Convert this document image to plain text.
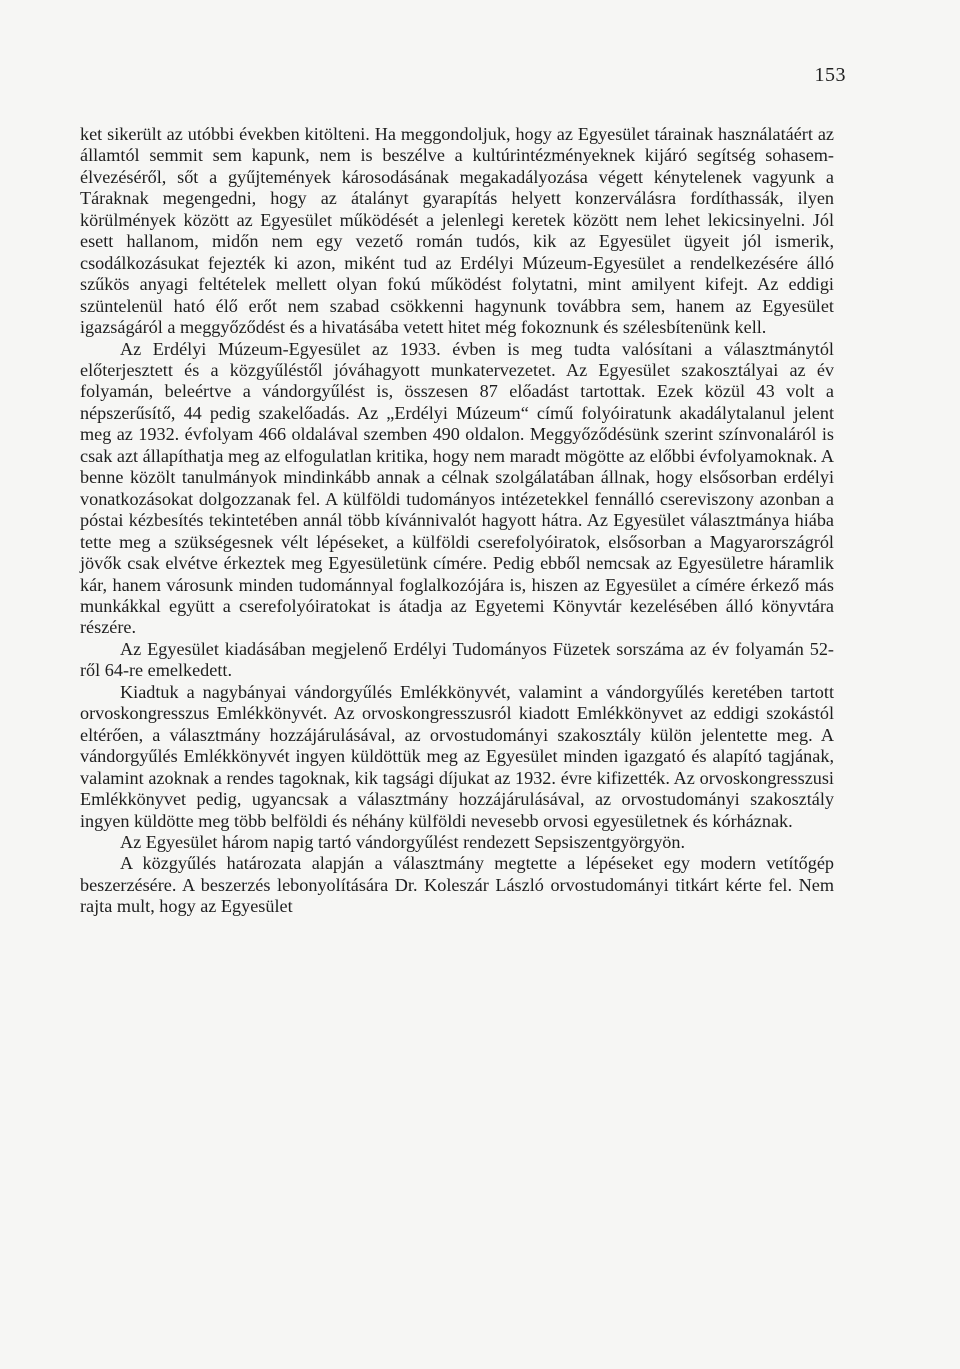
153

ket sikerült az utóbbi években kitölteni. Ha meggondoljuk, hogy az Egyesület tárainak használatáért az államtól semmit sem kapunk, nem is beszélve a kultúrintézményeknek kijáró segítség sohasem-élvezéséről, sőt a gyűjtemények károsodásának megakadályozása végett kénytelenek vagyunk a Táraknak megengedni, hogy az átalányt gyarapítás helyett konzerválásra fordíthassák, ilyen körülmények között az Egyesület működését a jelenlegi keretek között nem lehet lekicsinyelni. Jól esett hallanom, midőn nem egy vezető román tudós, kik az Egyesület ügyeit jól ismerik, csodálkozásukat fejezték ki azon, miként tud az Erdélyi Múzeum-Egyesület a rendelkezésére álló szűkös anyagi feltételek mellett olyan fokú működést folytatni, mint amilyent kifejt. Az eddigi szüntelenül ható élő erőt nem szabad csökkenni hagynunk továbbra sem, hanem az Egyesület igazságáról a meggyőződést és a hivatásába vetett hitet még fokoznunk és szélesbítenünk kell.

Az Erdélyi Múzeum-Egyesület az 1933. évben is meg tudta valósítani a választmánytól előterjesztett és a közgyűléstől jóváhagyott munkatervezetet. Az Egyesület szakosztályai az év folyamán, beleértve a vándorgyűlést is, összesen 87 előadást tartottak. Ezek közül 43 volt a népszerűsítő, 44 pedig szakelőadás. Az „Erdélyi Múzeum“ című folyóiratunk akadálytalanul jelent meg az 1932. évfolyam 466 oldalával szemben 490 oldalon. Meggyőződésünk szerint színvonaláról is csak azt állapíthatja meg az elfogulatlan kritika, hogy nem maradt mögötte az előbbi évfolyamoknak. A benne közölt tanulmányok mindinkább annak a célnak szolgálatában állnak, hogy elsősorban erdélyi vonatkozásokat dolgozzanak fel. A külföldi tudományos intézetekkel fennálló csereviszony azonban a póstai kézbesítés tekintetében annál több kívánnivalót hagyott hátra. Az Egyesület választmánya hiába tette meg a szükségesnek vélt lépéseket, a külföldi cserefolyóiratok, elsősorban a Magyarországról jövők csak elvétve érkeztek meg Egyesületünk címére. Pedig ebből nemcsak az Egyesületre háramlik kár, hanem városunk minden tudománnyal foglalkozójára is, hiszen az Egyesület a címére érkező más munkákkal együtt a cserefolyóiratokat is átadja az Egyetemi Könyvtár kezelésében álló könyvtára részére.

Az Egyesület kiadásában megjelenő Erdélyi Tudományos Füzetek sorszáma az év folyamán 52-ről 64-re emelkedett.

Kiadtuk a nagybányai vándorgyűlés Emlékkönyvét, valamint a vándorgyűlés keretében tartott orvoskongresszus Emlékkönyvét. Az orvoskongresszusról kiadott Emlékkönyvet az eddigi szokástól eltérően, a választmány hozzájárulásával, az orvostudományi szakosztály külön jelentette meg. A vándorgyűlés Emlékkönyvét ingyen küldöttük meg az Egyesület minden igazgató és alapító tagjának, valamint azoknak a rendes tagoknak, kik tagsági díjukat az 1932. évre kifizették. Az orvoskongresszusi Emlékkönyvet pedig, ugyancsak a választmány hozzájárulásával, az orvostudományi szakosztály ingyen küldötte meg több belföldi és néhány külföldi nevesebb orvosi egyesületnek és kórháznak.

Az Egyesület három napig tartó vándorgyűlést rendezett Sepsiszentgyörgyön.

A közgyűlés határozata alapján a választmány megtette a lépéseket egy modern vetítőgép beszerzésére. A beszerzés lebonyolítására Dr. Koleszár László orvostudományi titkárt kérte fel. Nem rajta mult, hogy az Egyesület
